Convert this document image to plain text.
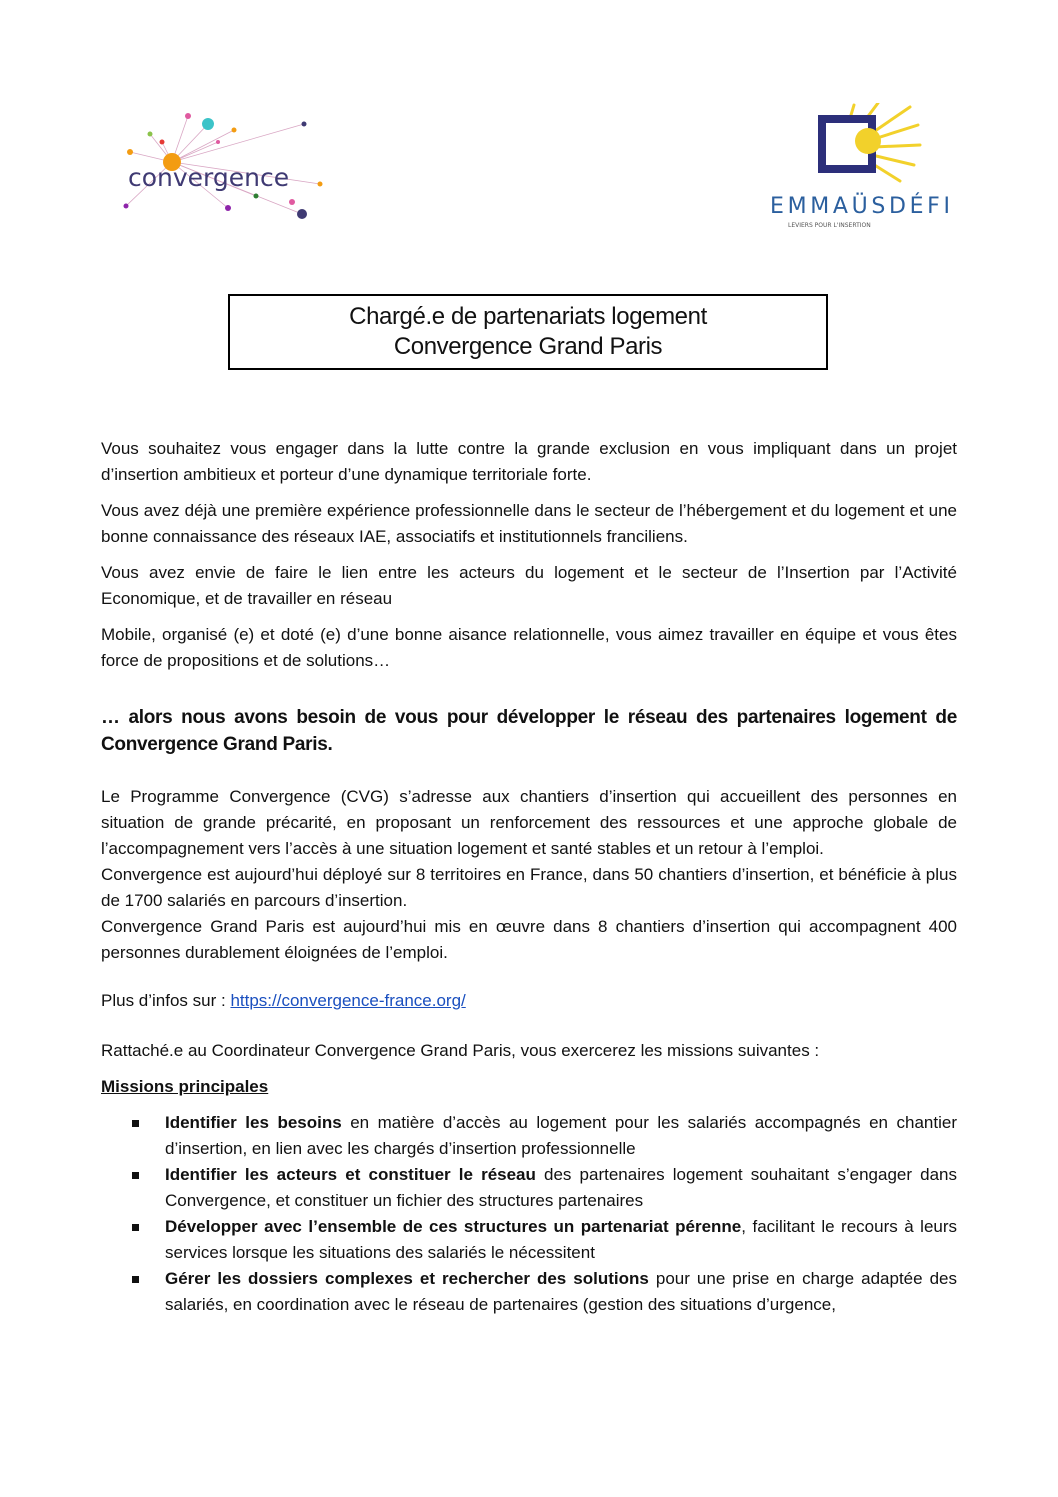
convergence
EMMAÜSDÉFI
LEVIERS POUR L'INSERTION
Chargé.e de partenariats logement
Convergence Grand Paris

Vous souhaitez vous engager dans la lutte contre la grande exclusion en vous impliquant dans un projet d’insertion ambitieux et porteur d’une dynamique territoriale forte.

Vous avez déjà une première expérience professionnelle dans le secteur de l’hébergement et du logement et une bonne connaissance des réseaux IAE, associatifs et institutionnels franciliens.

Vous avez envie de faire le lien entre les acteurs du logement et le secteur de l’Insertion par l’Activité Economique, et de travailler en réseau

Mobile, organisé (e) et doté (e) d’une bonne aisance relationnelle, vous aimez travailler en équipe et vous êtes force de propositions et de solutions…

… alors nous avons besoin de vous pour développer le réseau des partenaires logement de Convergence Grand Paris.

Le Programme Convergence (CVG) s’adresse aux chantiers d’insertion qui accueillent des personnes en situation de grande précarité, en proposant un renforcement des ressources et une approche globale de l’accompagnement vers l’accès à une situation logement et santé stables et un retour à l’emploi.

Convergence est aujourd’hui déployé sur 8 territoires en France, dans 50 chantiers d’insertion, et bénéficie à plus de 1700 salariés en parcours d’insertion.

Convergence Grand Paris est aujourd’hui mis en œuvre dans 8 chantiers d’insertion qui accompagnent 400 personnes durablement éloignées de l’emploi.

Plus d’infos sur : https://convergence-france.org/

Rattaché.e au Coordinateur Convergence Grand Paris, vous exercerez les missions suivantes :

Missions principales

Identifier les besoins en matière d’accès au logement pour les salariés accompagnés en chantier d’insertion, en lien avec les chargés d’insertion professionnelle
Identifier les acteurs et constituer le réseau des partenaires logement souhaitant s’engager dans Convergence, et constituer un fichier des structures partenaires
Développer avec l’ensemble de ces structures un partenariat pérenne, facilitant le recours à leurs services lorsque les situations des salariés le nécessitent
Gérer les dossiers complexes et rechercher des solutions pour une prise en charge adaptée des salariés, en coordination avec le réseau de partenaires (gestion des situations d’urgence,
